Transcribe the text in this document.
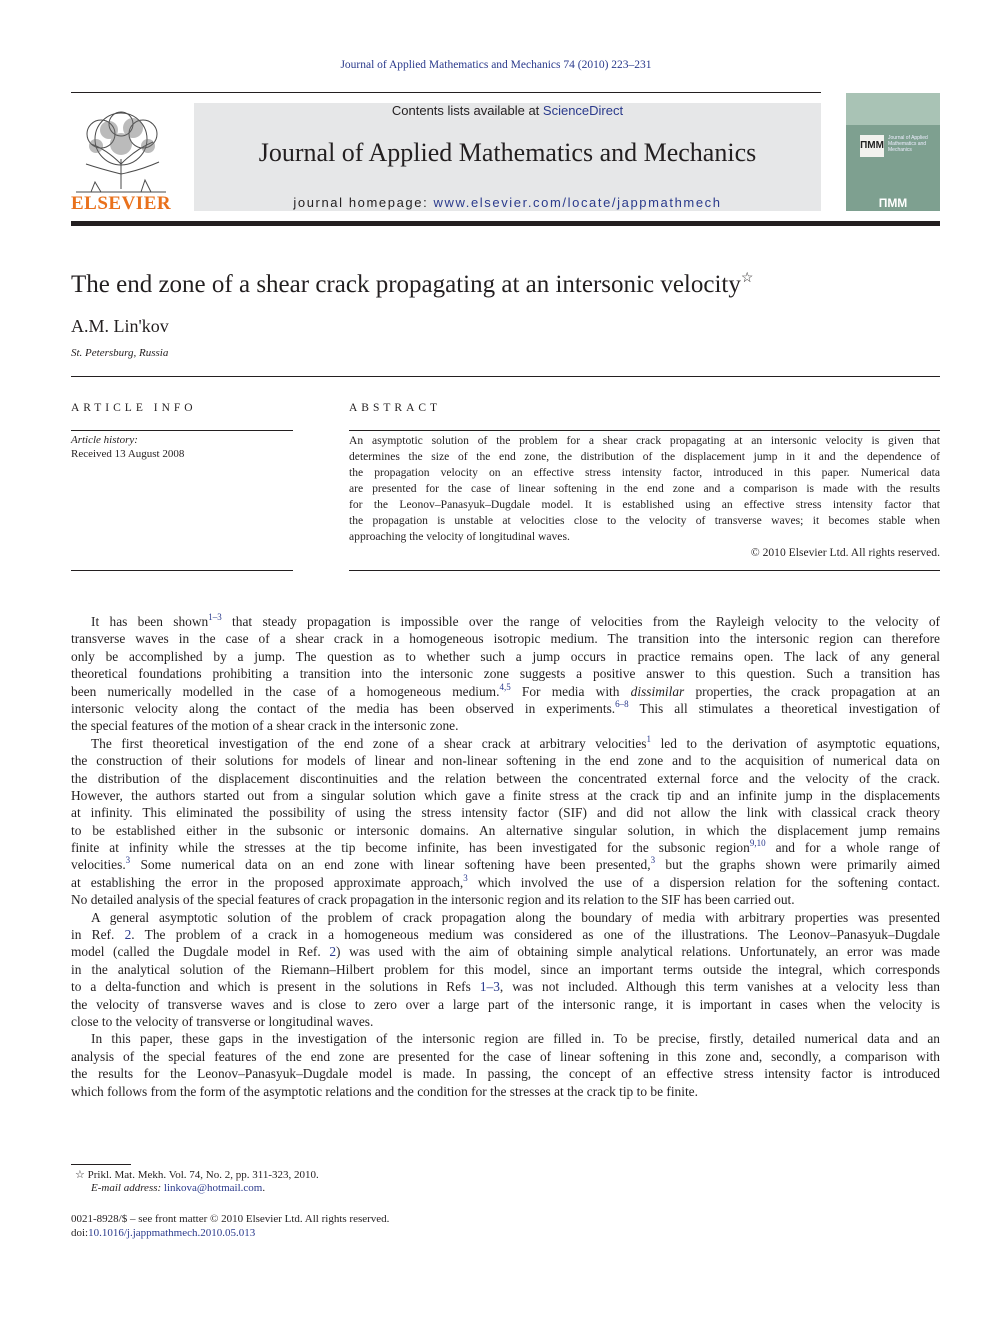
Journal of Applied Mathematics and Mechanics 74 (2010) 223–231
ELSEVIER
Contents lists available at ScienceDirect
Journal of Applied Mathematics and Mechanics
journal homepage: www.elsevier.com/locate/jappmathmech
ПММ
Journal of Applied Mathematics and Mechanics
ПММ
The end zone of a shear crack propagating at an intersonic velocity☆
A.M. Lin'kov
St. Petersburg, Russia
ARTICLE INFO	ABSTRACT
Article history:
Received 13 August 2008
An asymptotic solution of the problem for a shear crack propagating at an intersonic velocity is given that
determines the size of the end zone, the distribution of the displacement jump in it and the dependence of
the propagation velocity on an effective stress intensity factor, introduced in this paper. Numerical data
are presented for the case of linear softening in the end zone and a comparison is made with the results
for the Leonov–Panasyuk–Dugdale model. It is established using an effective stress intensity factor that
the propagation is unstable at velocities close to the velocity of transverse waves; it becomes stable when
approaching the velocity of longitudinal waves.
© 2010 Elsevier Ltd. All rights reserved.
It has been shown$^{1-3}$ that steady propagation is impossible over the range of velocities from the Rayleigh velocity to the velocity of
transverse waves in the case of a shear crack in a homogeneous isotropic medium. The transition into the intersonic region can therefore
only be accomplished by a jump. The question as to whether such a jump occurs in practice remains open. The lack of any general
theoretical foundations prohibiting a transition into the intersonic zone suggests a positive answer to this question. Such a transition has
been numerically modelled in the case of a homogeneous medium.$^{4,5}$ For media with dissimilar properties, the crack propagation at an
intersonic velocity along the contact of the media has been observed in experiments.$^{6-8}$ This all stimulates a theoretical investigation of
the special features of the motion of a shear crack in the intersonic zone.
The first theoretical investigation of the end zone of a shear crack at arbitrary velocities$^1$ led to the derivation of asymptotic equations,
the construction of their solutions for models of linear and non-linear softening in the end zone and to the acquisition of numerical data on
the distribution of the displacement discontinuities and the relation between the concentrated external force and the velocity of the crack.
However, the authors started out from a singular solution which gave a finite stress at the crack tip and an infinite jump in the displacements
at infinity. This eliminated the possibility of using the stress intensity factor (SIF) and did not allow the link with classical crack theory
to be established either in the subsonic or intersonic domains. An alternative singular solution, in which the displacement jump remains
finite at infinity while the stresses at the tip become infinite, has been investigated for the subsonic region$^{9,10}$ and for a whole range of
velocities.$^3$ Some numerical data on an end zone with linear softening have been presented,$^3$ but the graphs shown were primarily aimed
at establishing the error in the proposed approximate approach,$^3$ which involved the use of a dispersion relation for the softening contact.
No detailed analysis of the special features of crack propagation in the intersonic region and its relation to the SIF has been carried out.
A general asymptotic solution of the problem of crack propagation along the boundary of media with arbitrary properties was presented
in Ref. 2. The problem of a crack in a homogeneous medium was considered as one of the illustrations. The Leonov–Panasyuk–Dugdale
model (called the Dugdale model in Ref. 2) was used with the aim of obtaining simple analytical relations. Unfortunately, an error was made
in the analytical solution of the Riemann–Hilbert problem for this model, since an important terms outside the integral, which corresponds
to a delta-function and which is present in the solutions in Refs 1–3, was not included. Although this term vanishes at a velocity less than
the velocity of transverse waves and is close to zero over a large part of the intersonic range, it is important in cases when the velocity is
close to the velocity of transverse or longitudinal waves.
In this paper, these gaps in the investigation of the intersonic region are filled in. To be precise, firstly, detailed numerical data and an
analysis of the special features of the end zone are presented for the case of linear softening in this zone and, secondly, a comparison with
the results for the Leonov–Panasyuk–Dugdale model is made. In passing, the concept of an effective stress intensity factor is introduced
which follows from the form of the asymptotic relations and the condition for the stresses at the crack tip to be finite.
☆ Prikl. Mat. Mekh. Vol. 74, No. 2, pp. 311-323, 2010.
E-mail address: linkova@hotmail.com.
0021-8928/$ – see front matter © 2010 Elsevier Ltd. All rights reserved.
doi:10.1016/j.jappmathmech.2010.05.013
